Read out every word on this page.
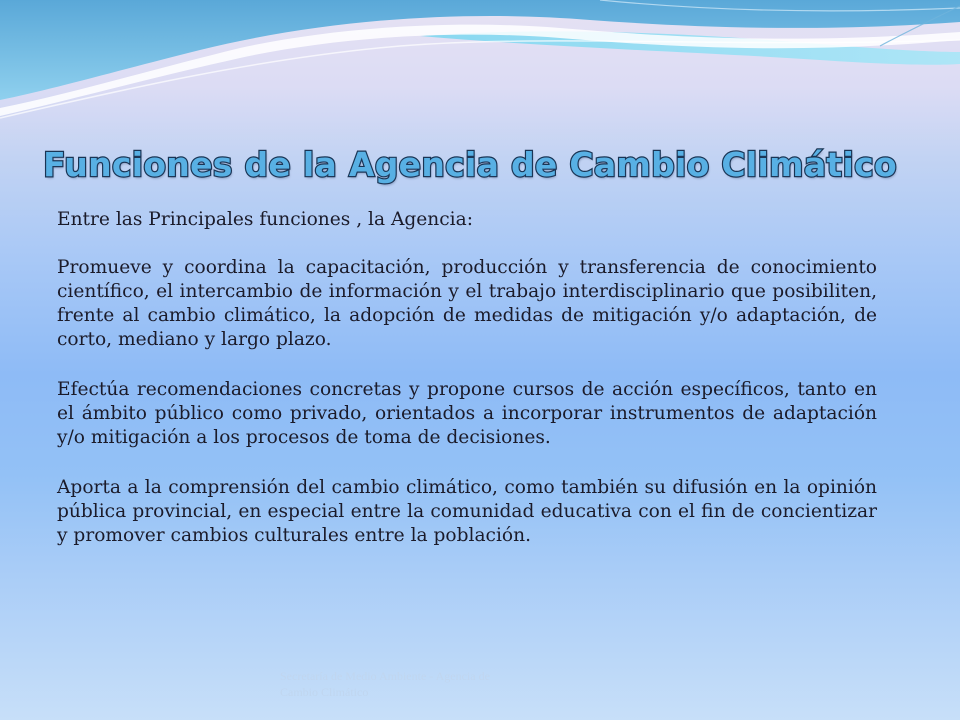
Funciones de la Agencia de Cambio Climático

Entre las Principales funciones , la Agencia:

Promueve y coordina la capacitación, producción y transferencia de conocimiento científico, el intercambio de información y el trabajo interdisciplinario que posibiliten, frente al cambio climático, la adopción de medidas de mitigación y/o adaptación, de corto, mediano y largo plazo.

Efectúa recomendaciones concretas y propone cursos de acción específicos, tanto en el ámbito público como privado, orientados a incorporar instrumentos de adaptación y/o mitigación a los procesos de toma de decisiones.

Aporta a la comprensión del cambio climático, como también su difusión en la opinión pública provincial, en especial entre la comunidad educativa con el fin de concientizar y promover cambios culturales entre la población.

Secretaría de Medio Ambiente - Agencia de
Cambio Climático
